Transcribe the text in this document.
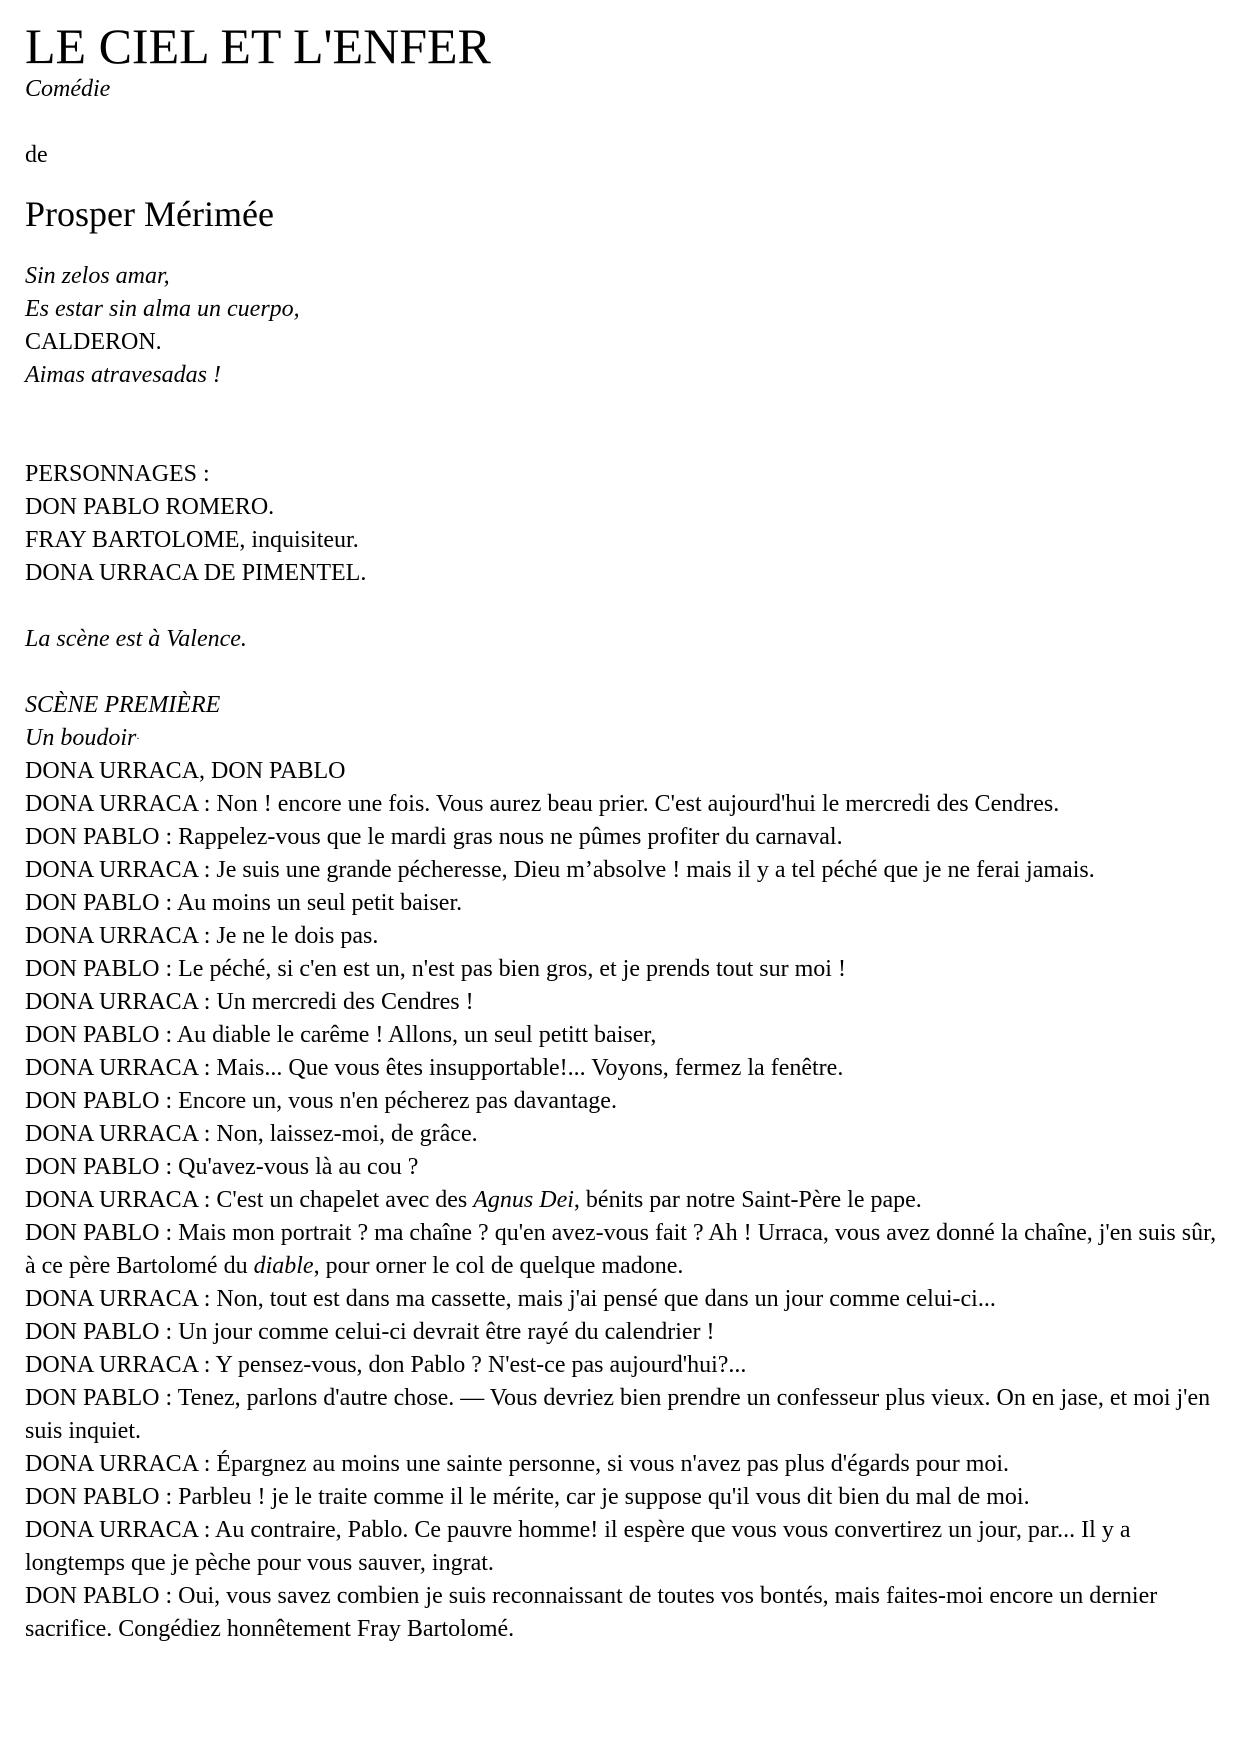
LE CIEL ET L'ENFER
Comédie
de
Prosper Mérimée
Sin zelos amar,
Es estar sin alma un cuerpo,
CALDERON.
Aimas atravesadas !
PERSONNAGES :
DON PABLO ROMERO.
FRAY BARTOLOME, inquisiteur.
DONA URRACA DE PIMENTEL.
La scène est à Valence.
SCÈNE PREMIÈRE
Un boudoir·
DONA URRACA, DON PABLO
DONA URRACA : Non ! encore une fois. Vous aurez beau prier. C'est aujourd'hui le mercredi des Cendres.
DON PABLO : Rappelez-vous que le mardi gras nous ne pûmes profiter du carnaval.
DONA URRACA : Je suis une grande pécheresse, Dieu m’absolve ! mais il y a tel péché que je ne ferai jamais.
DON PABLO : Au moins un seul petit baiser.
DONA URRACA : Je ne le dois pas.
DON PABLO : Le péché, si c'en est un, n'est pas bien gros, et je prends tout sur moi !
DONA URRACA : Un mercredi des Cendres !
DON PABLO : Au diable le carême ! Allons, un seul petitt baiser,
DONA URRACA : Mais... Que vous êtes insupportable!... Voyons, fermez la fenêtre.
DON PABLO : Encore un, vous n'en pécherez pas davantage.
DONA URRACA : Non, laissez-moi, de grâce.
DON PABLO : Qu'avez-vous là au cou ?
DONA URRACA : C'est un chapelet avec des Agnus Dei, bénits par notre Saint-Père le pape.
DON PABLO : Mais mon portrait ? ma chaîne ? qu'en avez-vous fait ? Ah ! Urraca, vous avez donné la chaîne, j'en suis sûr, à ce père Bartolomé du diable, pour orner le col de quelque madone.
DONA URRACA : Non, tout est dans ma cassette, mais j'ai pensé que dans un jour comme celui-ci...
DON PABLO : Un jour comme celui-ci devrait être rayé du calendrier !
DONA URRACA : Y pensez-vous, don Pablo ? N'est-ce pas aujourd'hui?...
DON PABLO : Tenez, parlons d'autre chose. — Vous devriez bien prendre un confesseur plus vieux. On en jase, et moi j'en suis inquiet.
DONA URRACA : Épargnez au moins une sainte personne, si vous n'avez pas plus d'égards pour moi.
DON PABLO : Parbleu ! je le traite comme il le mérite, car je suppose qu'il vous dit bien du mal de moi.
DONA URRACA : Au contraire, Pablo. Ce pauvre homme! il espère que vous vous convertirez un jour, par... Il y a longtemps que je pèche pour vous sauver, ingrat.
DON PABLO : Oui, vous savez combien je suis reconnaissant de toutes vos bontés, mais faites-moi encore un dernier sacrifice. Congédiez honnêtement Fray Bartolomé.
